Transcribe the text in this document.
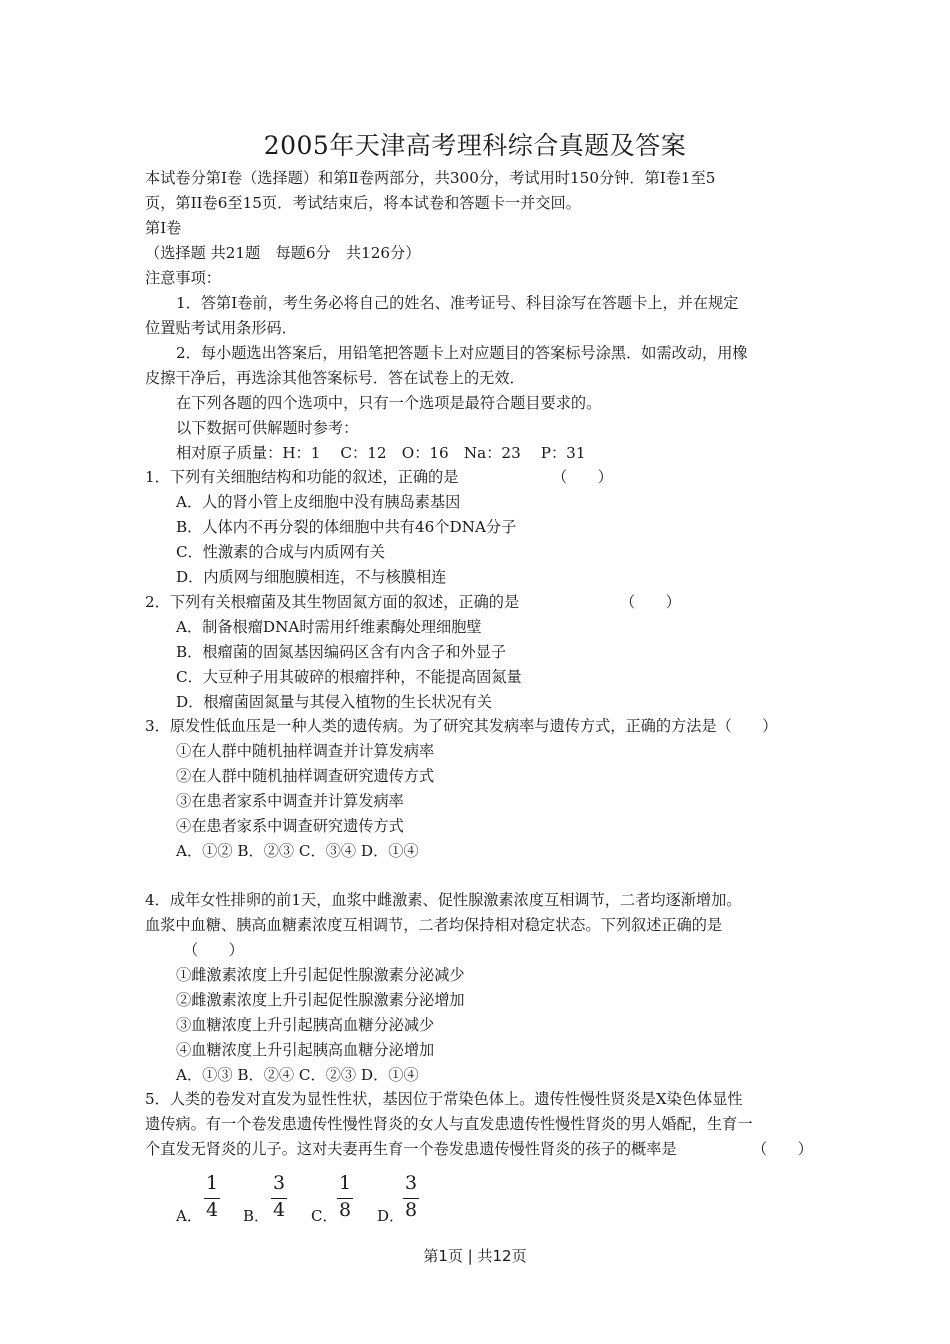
2005年天津高考理科综合真题及答案
本试卷分第Ⅰ卷（选择题）和第Ⅱ卷两部分，共300分，考试用时150分钟．第Ⅰ卷1至5
页，第II卷6至15页．考试结束后，将本试卷和答题卡一并交回。
第Ⅰ卷
（选择题 共21题　每题6分　共126分）
注意事项：
1．答第Ⅰ卷前，考生务必将自己的姓名、准考证号、科目涂写在答题卡上，并在规定
位置贴考试用条形码．
2．每小题选出答案后，用铅笔把答题卡上对应题目的答案标号涂黑．如需改动，用橡
皮擦干净后，再选涂其他答案标号．答在试卷上的无效．
在下列各题的四个选项中，只有一个选项是最符合题目要求的。
以下数据可供解题时参考：
相对原子质量：H：1　 C：12　O：16　Na：23　 P：31
1．下列有关细胞结构和功能的叙述，正确的是	（　　）
A．人的肾小管上皮细胞中没有胰岛素基因
B．人体内不再分裂的体细胞中共有46个DNA分子
C．性激素的合成与内质网有关
D．内质网与细胞膜相连，不与核膜相连
2．下列有关根瘤菌及其生物固氮方面的叙述，正确的是	（　　）
A．制备根瘤DNA时需用纤维素酶处理细胞壁
B．根瘤菌的固氮基因编码区含有内含子和外显子
C．大豆种子用其破碎的根瘤拌种，不能提高固氮量
D．根瘤菌固氮量与其侵入植物的生长状况有关
3．原发性低血压是一种人类的遗传病。为了研究其发病率与遗传方式，正确的方法是（　　）
①在人群中随机抽样调查并计算发病率
②在人群中随机抽样调查研究遗传方式
③在患者家系中调查并计算发病率
④在患者家系中调查研究遗传方式
A．①② B．②③ C．③④ D．①④
4．成年女性排卵的前1天，血浆中雌激素、促性腺激素浓度互相调节，二者均逐渐增加。
血浆中血糖、胰高血糖素浓度互相调节，二者均保持相对稳定状态。下列叙述正确的是
（　　）
①雌激素浓度上升引起促性腺激素分泌减少
②雌激素浓度上升引起促性腺激素分泌增加
③血糖浓度上升引起胰高血糖分泌减少
④血糖浓度上升引起胰高血糖分泌增加
A．①③ B．②④ C．②③ D．①④
5．人类的卷发对直发为显性性状，基因位于常染色体上。遗传性慢性贤炎是X染色体显性
遗传病。有一个卷发患遗传性慢性肾炎的女人与直发患遗传性慢性肾炎的男人婚配，生育一
个直发无肾炎的儿子。这对夫妻再生育一个卷发患遗传慢性肾炎的孩子的概率是	（　　）
A．
1
4 B．
3
4 C．
1
8 D．
3
8
第1页 | 共12页
